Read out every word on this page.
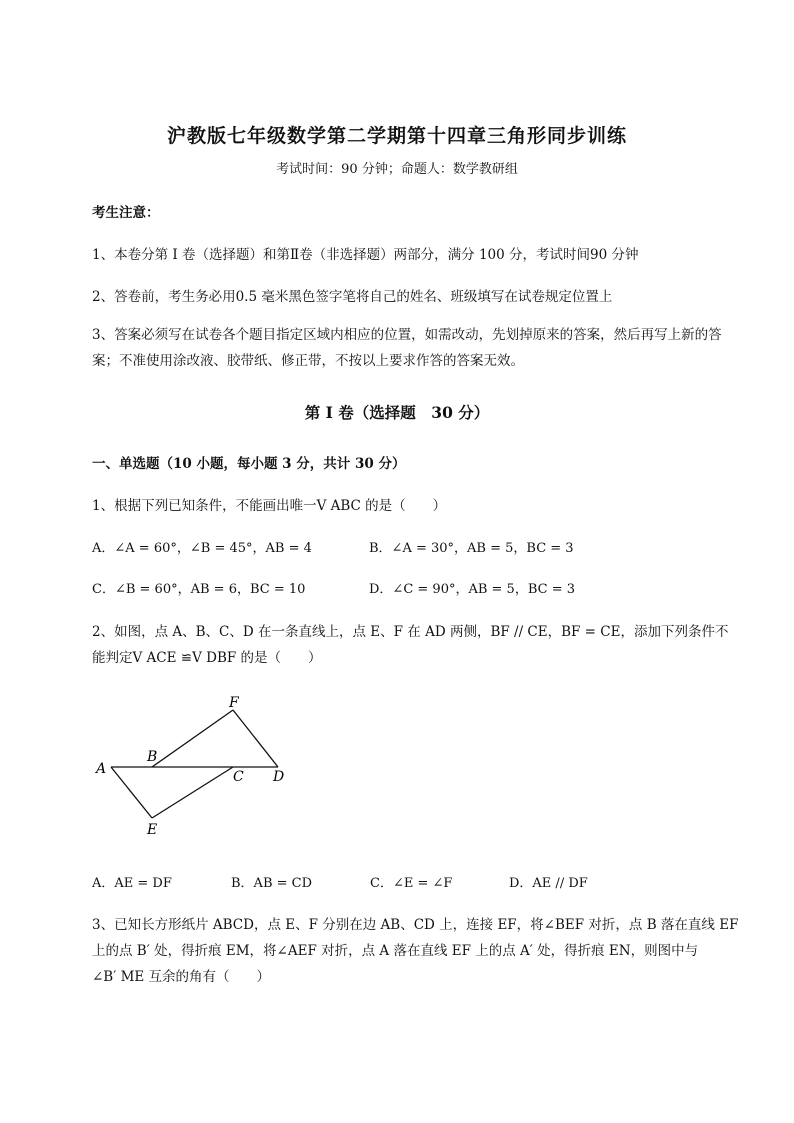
沪教版七年级数学第二学期第十四章三角形同步训练
考试时间：90 分钟；命题人：数学教研组
考生注意：
1、本卷分第 I 卷（选择题）和第Ⅱ卷（非选择题）两部分，满分 100 分，考试时间90 分钟
2、答卷前，考生务必用0.5 毫米黑色签字笔将自己的姓名、班级填写在试卷规定位置上
3、答案必须写在试卷各个题目指定区域内相应的位置，如需改动，先划掉原来的答案，然后再写上新的答案；不准使用涂改液、胶带纸、修正带，不按以上要求作答的答案无效。
第 I 卷（选择题　30 分）
一、单选题（10 小题，每小题 3 分，共计 30 分）
1、根据下列已知条件，不能画出唯一V ABC 的是（　　）
A．∠A = 60°，∠B = 45°，AB = 4	B．∠A = 30°，AB = 5，BC = 3
C．∠B = 60°，AB = 6，BC = 10	D．∠C = 90°，AB = 5，BC = 3
2、如图，点 A、B、C、D 在一条直线上，点 E、F 在 AD 两侧，BF // CE，BF = CE，添加下列条件不
能判定V ACE ≌V DBF 的是（　　）
A
B
C D
E
F
A．AE = DF	B．AB = CD	C．∠E = ∠F	D．AE // DF
3、已知长方形纸片 ABCD，点 E、F 分别在边 AB、CD 上，连接 EF，将∠BEF 对折，点 B 落在直线 EF
上的点 B′ 处，得折痕 EM，将∠AEF 对折，点 A 落在直线 EF 上的点 A′ 处，得折痕 EN，则图中与
∠B′ ME 互余的角有（　　）
